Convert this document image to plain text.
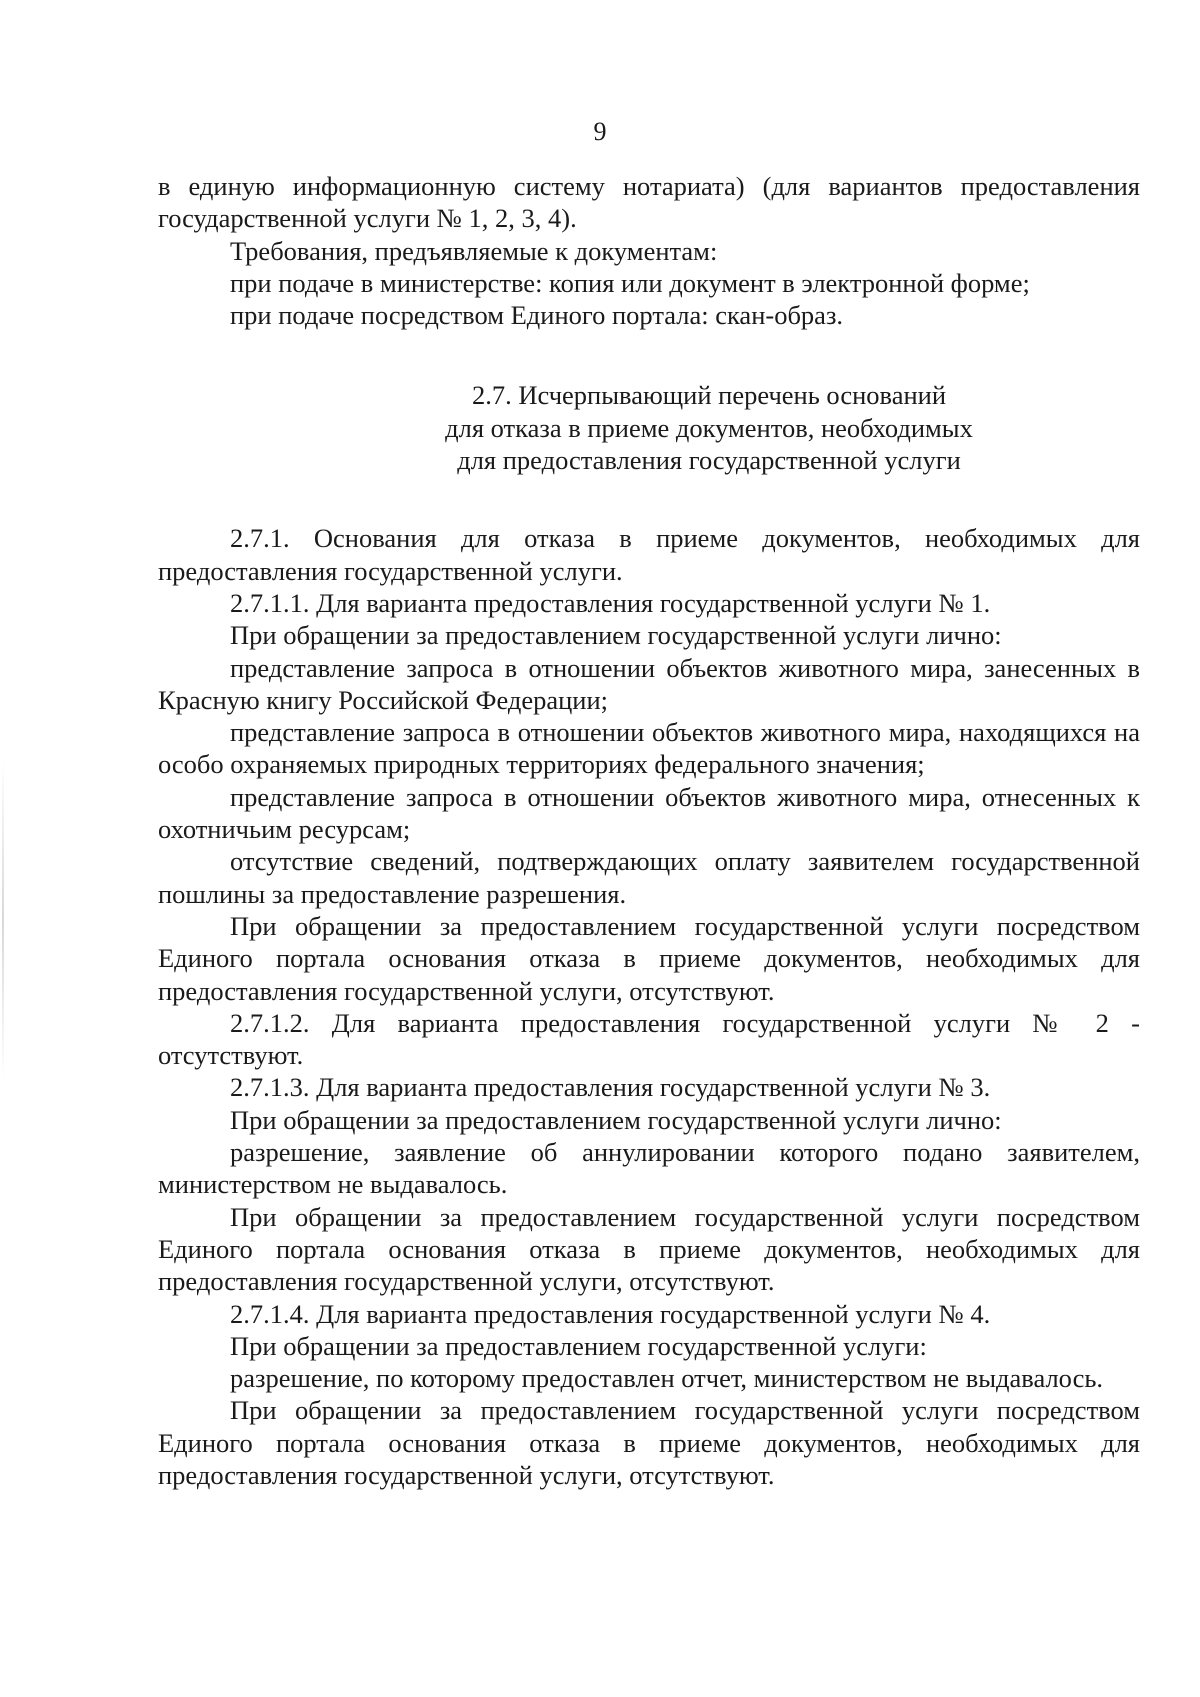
9

в единую информационную систему нотариата) (для вариантов предоставления государственной услуги № 1, 2, 3, 4).

Требования, предъявляемые к документам:

при подаче в министерстве: копия или документ в электронной форме;

при подаче посредством Единого портала: скан-образ.

2.7. Исчерпывающий перечень оснований
для отказа в приеме документов, необходимых
для предоставления государственной услуги

2.7.1. Основания для отказа в приеме документов, необходимых для предоставления государственной услуги.

2.7.1.1. Для варианта предоставления государственной услуги № 1.

При обращении за предоставлением государственной услуги лично:

представление запроса в отношении объектов животного мира, занесенных в Красную книгу Российской Федерации;

представление запроса в отношении объектов животного мира, находящихся на особо охраняемых природных территориях федерального значения;

представление запроса в отношении объектов животного мира, отнесенных к охотничьим ресурсам;

отсутствие сведений, подтверждающих оплату заявителем государственной пошлины за предоставление разрешения.

При обращении за предоставлением государственной услуги посредством Единого портала основания отказа в приеме документов, необходимых для предоставления государственной услуги, отсутствуют.

2.7.1.2. Для варианта предоставления государственной услуги № 2 - отсутствуют.

2.7.1.3. Для варианта предоставления государственной услуги № 3.

При обращении за предоставлением государственной услуги лично:

разрешение, заявление об аннулировании которого подано заявителем, министерством не выдавалось.

При обращении за предоставлением государственной услуги посредством Единого портала основания отказа в приеме документов, необходимых для предоставления государственной услуги, отсутствуют.

2.7.1.4. Для варианта предоставления государственной услуги № 4.

При обращении за предоставлением государственной услуги:

разрешение, по которому предоставлен отчет, министерством не выдавалось.

При обращении за предоставлением государственной услуги посредством Единого портала основания отказа в приеме документов, необходимых для предоставления государственной услуги, отсутствуют.
